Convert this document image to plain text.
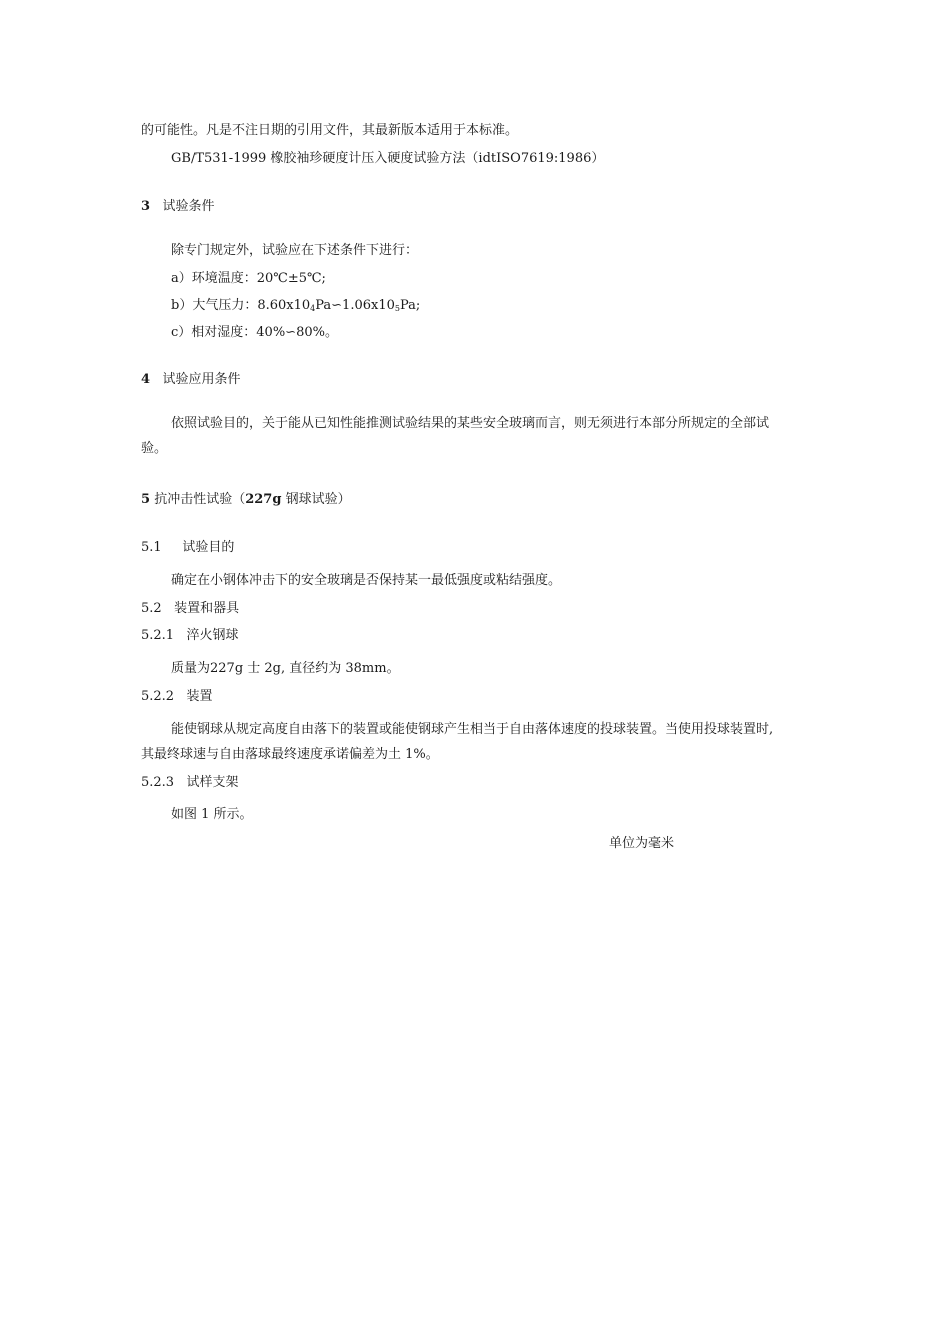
的可能性。凡是不注日期的引用文件，其最新版本适用于本标准。
GB/T531-1999 橡胶袖珍硬度计压入硬度试验方法（idtISO7619:1986）
3 试验条件
除专门规定外，试验应在下述条件下进行：
a）环境温度：20℃±5℃;
b）大气压力：$8.60x10_4Pa∽1.06x10_5Pa$;
c）相对湿度：40%∽80%。
4 试验应用条件
依照试验目的，关于能从已知性能推测试验结果的某些安全玻璃而言，则无须进行本部分所规定的全部试
验。
5 抗冲击性试验（227g 钢球试验）
5.1 试验目的
确定在小钢体冲击下的安全玻璃是否保持某一最低强度或粘结强度。
5.2 装置和器具
5.2.1 淬火钢球
质量为227g 士 2g, 直径约为 38mm。
5.2.2 装置
能使钢球从规定高度自由落下的装置或能使钢球产生相当于自由落体速度的投球装置。当使用投球装置时,
其最终球速与自由落球最终速度承诺偏差为土 1%。
5.2.3 试样支架
如图 1 所示。
单位为毫米
